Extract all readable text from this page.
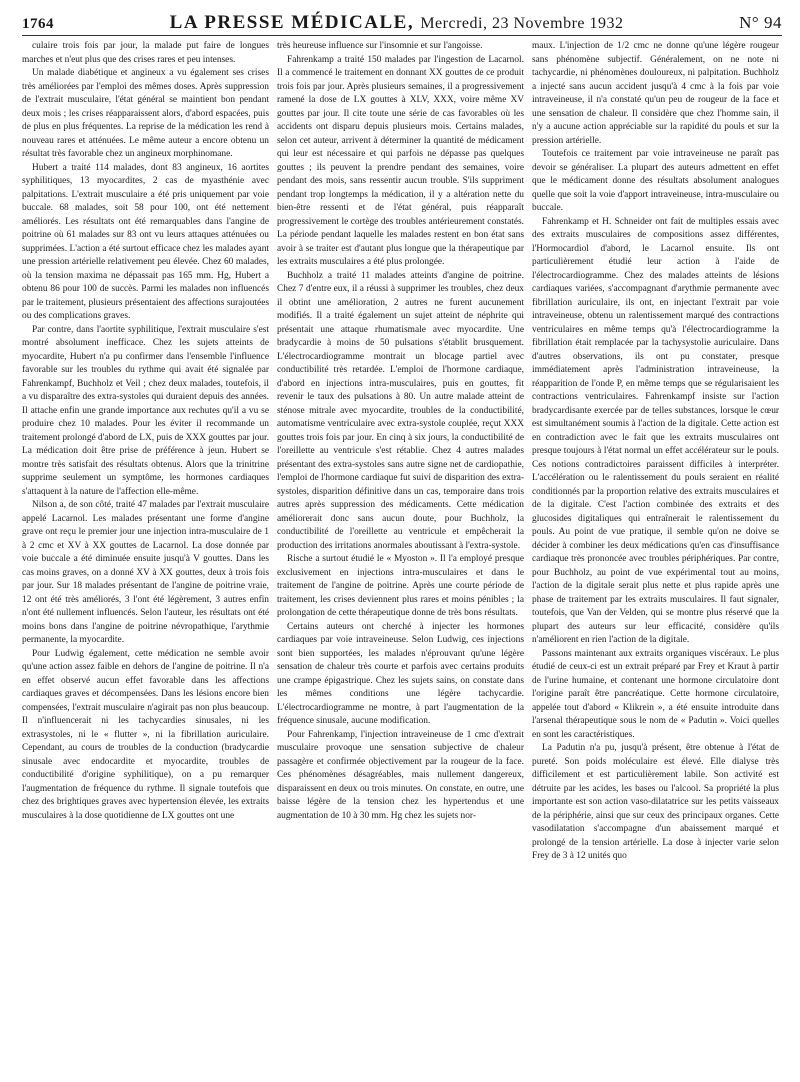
1764	LA PRESSE MÉDICALE, Mercredi, 23 Novembre 1932	N° 94

culaire trois fois par jour, la malade put faire de longues marches et n'eut plus que des crises rares et peu intenses.

Un malade diabétique et angineux a vu également ses crises très améliorées par l'emploi des mêmes doses. Après suppression de l'extrait musculaire, l'état général se maintient bon pendant deux mois ; les crises réapparaissent alors, d'abord espacées, puis de plus en plus fréquentes. La reprise de la médication les rend à nouveau rares et atténuées. Le même auteur a encore obtenu un résultat très favorable chez un angineux morphinomane.

Hubert a traité 114 malades, dont 83 angineux, 16 aortites syphilitiques, 13 myocardites, 2 cas de myasthénie avec palpitations. L'extrait musculaire a été pris uniquement par voie buccale. 68 malades, soit 58 pour 100, ont été nettement améliorés. Les résultats ont été remarquables dans l'angine de poitrine où 61 malades sur 83 ont vu leurs attaques atténuées ou supprimées. L'action a été surtout efficace chez les malades ayant une pression artérielle relativement peu élevée. Chez 60 malades, où la tension maxima ne dépassait pas 165 mm. Hg, Hubert a obtenu 86 pour 100 de succès. Parmi les malades non influencés par le traitement, plusieurs présentaient des affections surajoutées ou des complications graves.

Par contre, dans l'aortite syphilitique, l'extrait musculaire s'est montré absolument inefficace. Chez les sujets atteints de myocardite, Hubert n'a pu confirmer dans l'ensemble l'influence favorable sur les troubles du rythme qui avait été signalée par Fahrenkampf, Buchholz et Veil ; chez deux malades, toutefois, il a vu disparaître des extra-systoles qui duraient depuis des années. Il attache enfin une grande importance aux rechutes qu'il a vu se produire chez 10 malades. Pour les éviter il recommande un traitement prolongé d'abord de LX, puis de XXX gouttes par jour. La médication doit être prise de préférence à jeun. Hubert se montre très satisfait des résultats obtenus. Alors que la trinitrine supprime seulement un symptôme, les hormones cardiaques s'attaquent à la nature de l'affection elle-même.

Nilson a, de son côté, traité 47 malades par l'extrait musculaire appelé Lacarnol. Les malades présentant une forme d'angine grave ont reçu le premier jour une injection intra-musculaire de 1 à 2 cmc et XV à XX gouttes de Lacarnol. La dose donnée par voie buccale a été diminuée ensuite jusqu'à V gouttes. Dans les cas moins graves, on a donné XV à XX gouttes, deux à trois fois par jour. Sur 18 malades présentant de l'angine de poitrine vraie, 12 ont été très améliorés, 3 l'ont été légèrement, 3 autres enfin n'ont été nullement influencés. Selon l'auteur, les résultats ont été moins bons dans l'angine de poitrine névropathique, l'arythmie permanente, la myocardite.

Pour Ludwig également, cette médication ne semble avoir qu'une action assez faible en dehors de l'angine de poitrine. Il n'a en effet observé aucun effet favorable dans les affections cardiaques graves et décompensées. Dans les lésions encore bien compensées, l'extrait musculaire n'agirait pas non plus beaucoup. Il n'influencerait ni les tachycardies sinusales, ni les extrasystoles, ni le « flutter », ni la fibrillation auriculaire. Cependant, au cours de troubles de la conduction (bradycardie sinusale avec endocardite et myocardite, troubles de conductibilité d'origine syphilitique), on a pu remarquer l'augmentation de fréquence du rythme. Il signale toutefois que chez des brightiques graves avec hypertension élevée, les extraits musculaires à la dose quotidienne de LX gouttes ont une

très heureuse influence sur l'insomnie et sur l'angoisse.

Fahrenkamp a traité 150 malades par l'ingestion de Lacarnol. Il a commencé le traitement en donnant XX gouttes de ce produit trois fois par jour. Après plusieurs semaines, il a progressivement ramené la dose de LX gouttes à XLV, XXX, voire même XV gouttes par jour. Il cite toute une série de cas favorables où les accidents ont disparu depuis plusieurs mois. Certains malades, selon cet auteur, arrivent à déterminer la quantité de médicament qui leur est nécessaire et qui parfois ne dépasse pas quelques gouttes ; ils peuvent la prendre pendant des semaines, voire pendant des mois, sans ressentir aucun trouble. S'ils suppriment pendant trop longtemps la médication, il y a altération nette du bien-être ressenti et de l'état général, puis réapparaît progressivement le cortège des troubles antérieurement constatés. La période pendant laquelle les malades restent en bon état sans avoir à se traiter est d'autant plus longue que la thérapeutique par les extraits musculaires a été plus prolongée.

Buchholz a traité 11 malades atteints d'angine de poitrine. Chez 7 d'entre eux, il a réussi à supprimer les troubles, chez deux il obtint une amélioration, 2 autres ne furent aucunement modifiés. Il a traité également un sujet atteint de néphrite qui présentait une attaque rhumatismale avec myocardite. Une bradycardie à moins de 50 pulsations s'établit brusquement. L'électrocardiogramme montrait un blocage partiel avec conductibilité très retardée. L'emploi de l'hormone cardiaque, d'abord en injections intra-musculaires, puis en gouttes, fit revenir le taux des pulsations à 80. Un autre malade atteint de sténose mitrale avec myocardite, troubles de la conductibilité, automatisme ventriculaire avec extra-systole couplée, reçut XXX gouttes trois fois par jour. En cinq à six jours, la conductibilité de l'oreillette au ventricule s'est rétablie. Chez 4 autres malades présentant des extra-systoles sans autre signe net de cardiopathie, l'emploi de l'hormone cardiaque fut suivi de disparition des extra-systoles, disparition définitive dans un cas, temporaire dans trois autres après suppression des médicaments. Cette médication améliorerait donc sans aucun doute, pour Buchholz, la conductibilité de l'oreillette au ventricule et empêcherait la production des irritations anormales aboutissant à l'extra-systole.

Rische a surtout étudié le « Myoston ». Il l'a employé presque exclusivement en injections intra-musculaires et dans le traitement de l'angine de poitrine. Après une courte période de traitement, les crises deviennent plus rares et moins pénibles ; la prolongation de cette thérapeutique donne de très bons résultats.

Certains auteurs ont cherché à injecter les hormones cardiaques par voie intraveineuse. Selon Ludwig, ces injections sont bien supportées, les malades n'éprouvant qu'une légère sensation de chaleur très courte et parfois avec certains produits une crampe épigastrique. Chez les sujets sains, on constate dans les mêmes conditions une légère tachycardie. L'électrocardiogramme ne montre, à part l'augmentation de la fréquence sinusale, aucune modification.

Pour Fahrenkamp, l'injection intraveineuse de 1 cmc d'extrait musculaire provoque une sensation subjective de chaleur passagère et confirmée objectivement par la rougeur de la face. Ces phénomènes désagréables, mais nullement dangereux, disparaissent en deux ou trois minutes. On constate, en outre, une baisse légère de la tension chez les hypertendus et une augmentation de 10 à 30 mm. Hg chez les sujets nor-

maux. L'injection de 1/2 cmc ne donne qu'une légère rougeur sans phénomène subjectif. Généralement, on ne note ni tachycardie, ni phénomènes douloureux, ni palpitation. Buchholz a injecté sans aucun accident jusqu'à 4 cmc à la fois par voie intraveineuse, il n'a constaté qu'un peu de rougeur de la face et une sensation de chaleur. Il considère que chez l'homme sain, il n'y a aucune action appréciable sur la rapidité du pouls et sur la pression artérielle.

Toutefois ce traitement par voie intraveineuse ne paraît pas devoir se généraliser. La plupart des auteurs admettent en effet que le médicament donne des résultats absolument analogues quelle que soit la voie d'apport intraveineuse, intra-musculaire ou buccale.

Fahrenkamp et H. Schneider ont fait de multiples essais avec des extraits musculaires de compositions assez différentes, l'Hormocardiol d'abord, le Lacarnol ensuite. Ils ont particulièrement étudié leur action à l'aide de l'électrocardiogramme. Chez des malades atteints de lésions cardiaques variées, s'accompagnant d'arythmie permanente avec fibrillation auriculaire, ils ont, en injectant l'extrait par voie intraveineuse, obtenu un ralentissement marqué des contractions ventriculaires en même temps qu'à l'électrocardiogramme la fibrillation était remplacée par la tachysystolie auriculaire. Dans d'autres observations, ils ont pu constater, presque immédiatement après l'administration intraveineuse, la réapparition de l'onde P, en même temps que se régularisaient les contractions ventriculaires. Fahrenkampf insiste sur l'action bradycardisante exercée par de telles substances, lorsque le cœur est simultanément soumis à l'action de la digitale. Cette action est en contradiction avec le fait que les extraits musculaires ont presque toujours à l'état normal un effet accélérateur sur le pouls. Ces notions contradictoires paraissent difficiles à interpréter. L'accélération ou le ralentissement du pouls seraient en réalité conditionnés par la proportion relative des extraits musculaires et de la digitale. C'est l'action combinée des extraits et des glucosides digitaliques qui entraînerait le ralentissement du pouls. Au point de vue pratique, il semble qu'on ne doive se décider à combiner les deux médications qu'en cas d'insuffisance cardiaque très prononcée avec troubles périphériques. Par contre, pour Buchholz, au point de vue expérimental tout au moins, l'action de la digitale serait plus nette et plus rapide après une phase de traitement par les extraits musculaires. Il faut signaler, toutefois, que Van der Velden, qui se montre plus réservé que la plupart des auteurs sur leur efficacité, considère qu'ils n'améliorent en rien l'action de la digitale.

Passons maintenant aux extraits organiques viscéraux. Le plus étudié de ceux-ci est un extrait préparé par Frey et Kraut à partir de l'urine humaine, et contenant une hormone circulatoire dont l'origine paraît être pancréatique. Cette hormone circulatoire, appelée tout d'abord « Klikrein », a été ensuite introduite dans l'arsenal thérapeutique sous le nom de « Padutin ». Voici quelles en sont les caractéristiques.

La Padutin n'a pu, jusqu'à présent, être obtenue à l'état de pureté. Son poids moléculaire est élevé. Elle dialyse très difficilement et est particulièrement labile. Son activité est détruite par les acides, les bases ou l'alcool. Sa propriété la plus importante est son action vaso-dilatatrice sur les petits vaisseaux de la périphérie, ainsi que sur ceux des principaux organes. Cette vasodilatation s'accompagne d'un abaissement marqué et prolongé de la tension artérielle. La dose à injecter varie selon Frey de 3 à 12 unités quo
